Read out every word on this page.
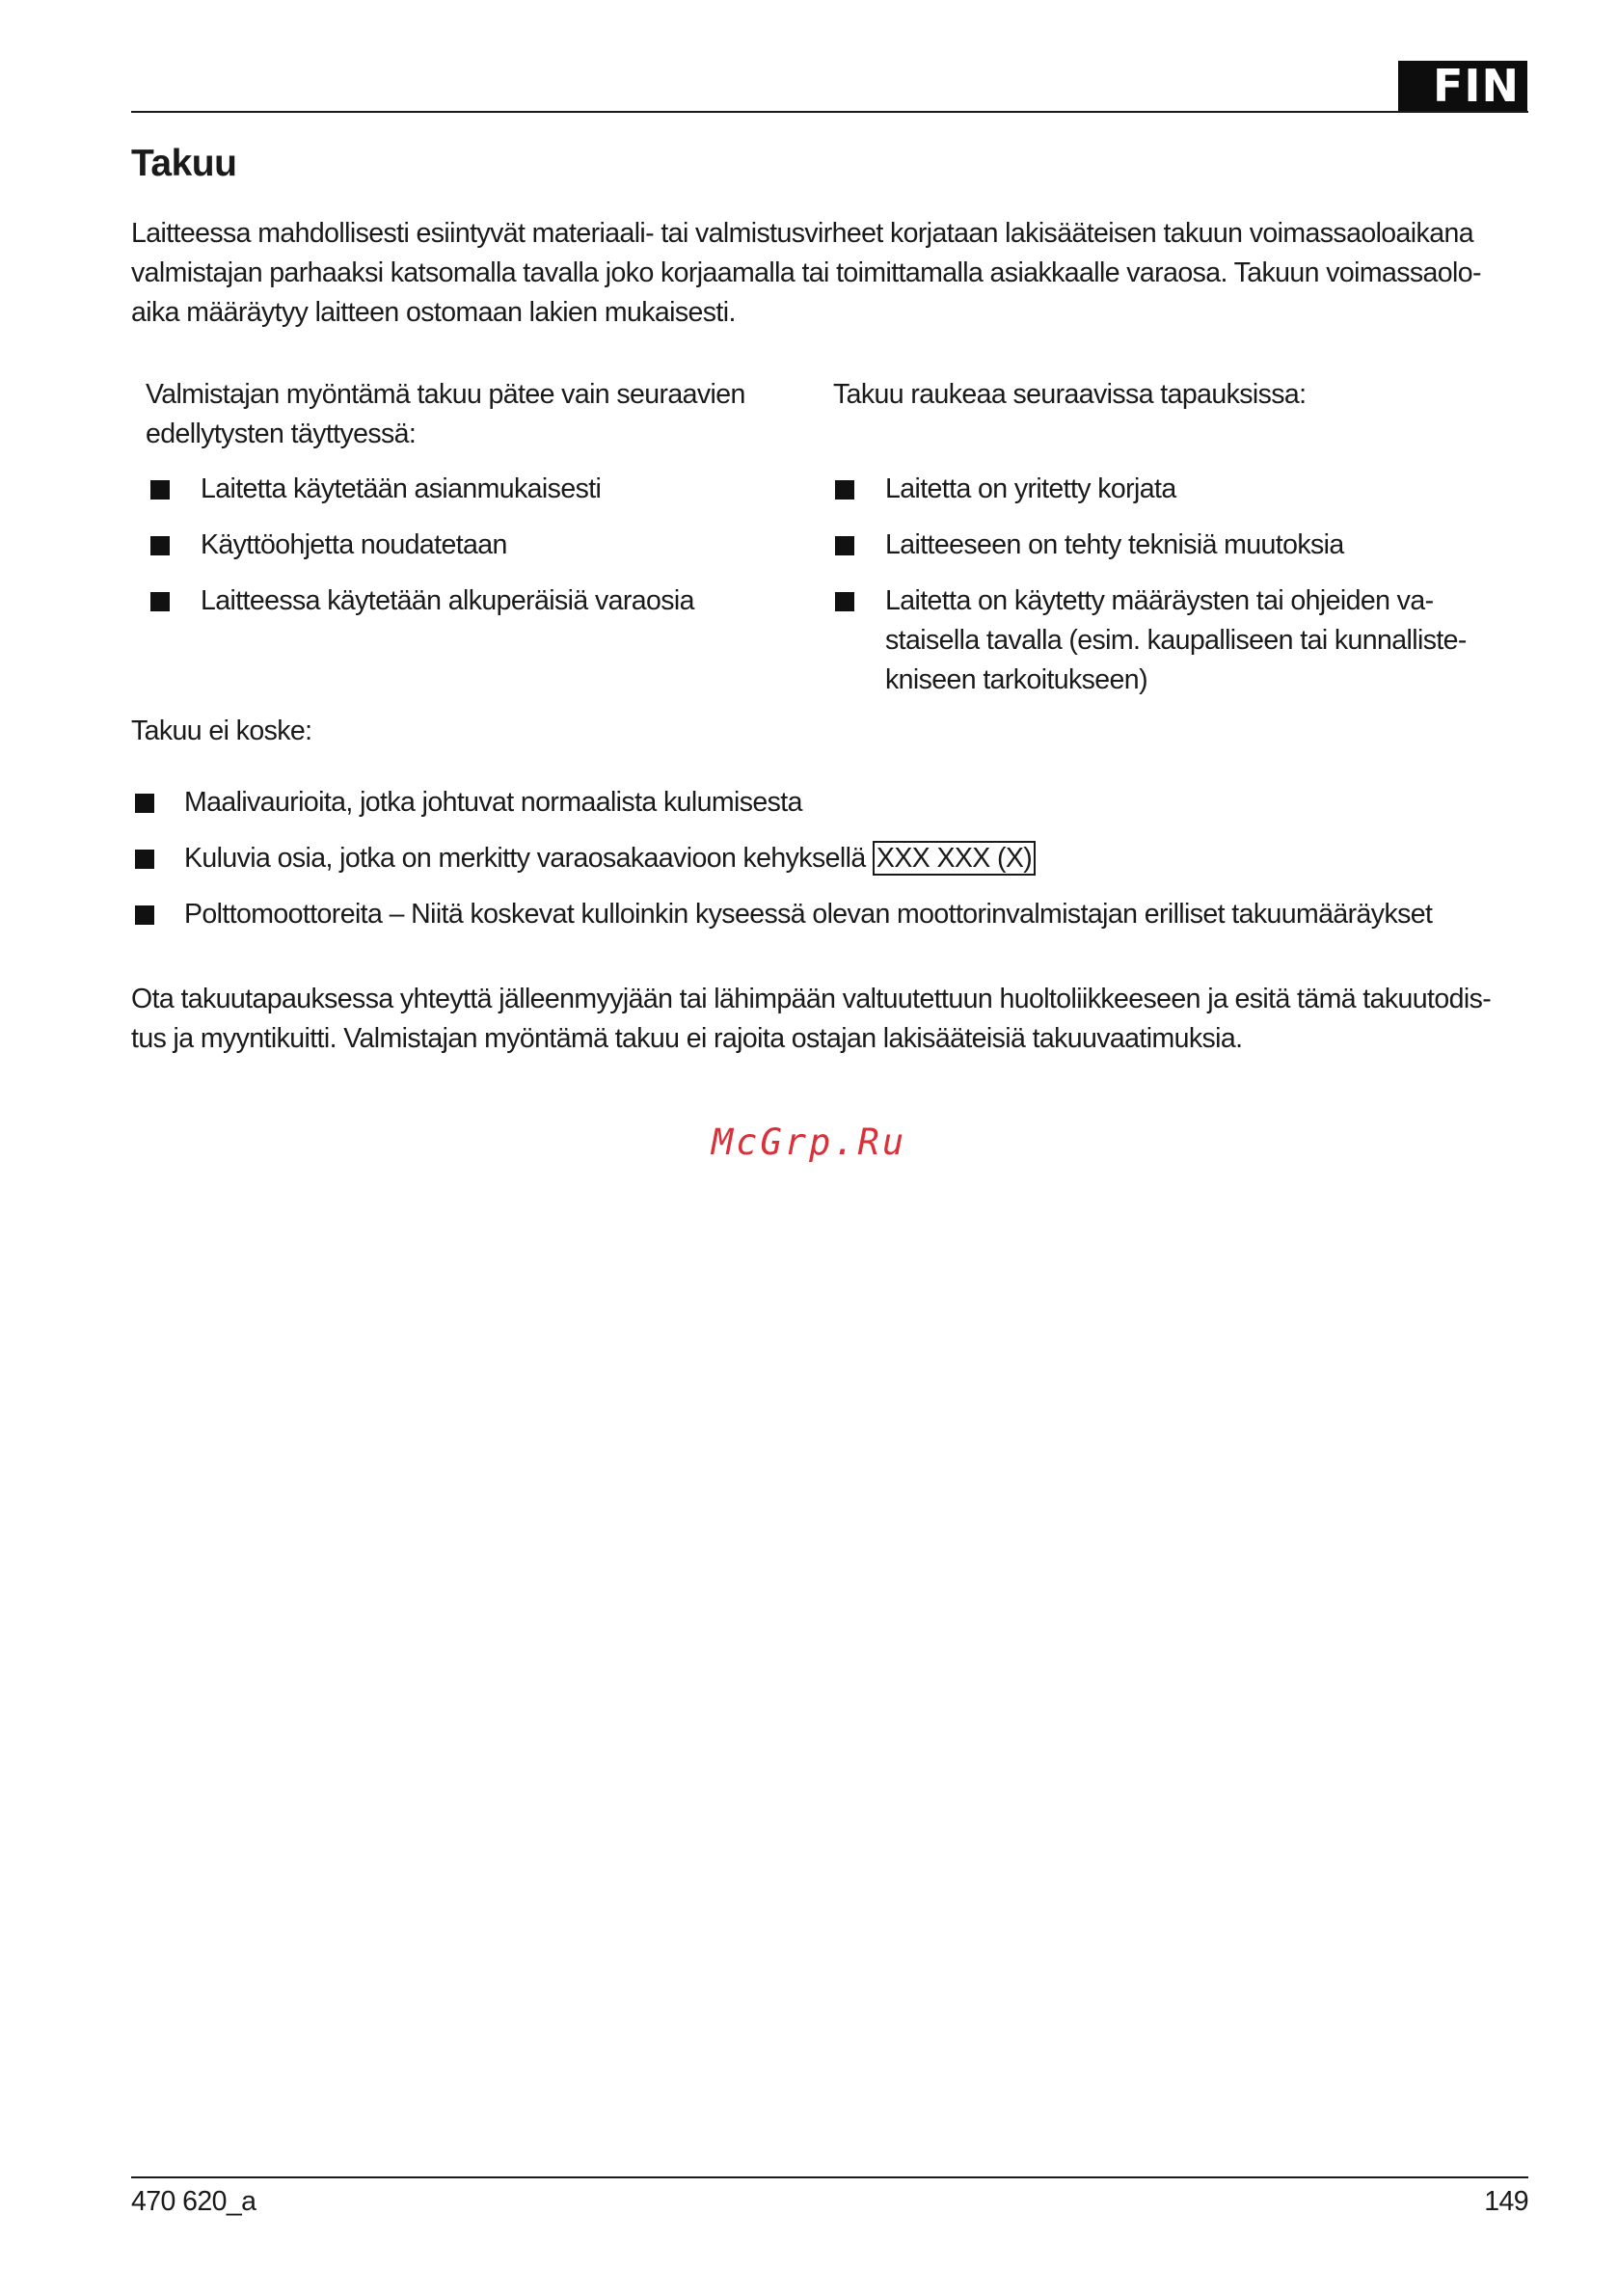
FIN
Takuu

Laitteessa mahdollisesti esiintyvät materiaali- tai valmistusvirheet korjataan lakisääteisen takuun voimassaoloaikana
valmistajan parhaaksi katsomalla tavalla joko korjaamalla tai toimittamalla asiakkaalle varaosa. Takuun voimassaolo-
aika määräytyy laitteen ostomaan lakien mukaisesti.

Valmistajan myöntämä takuu pätee vain seuraavien
edellytysten täyttyessä:
Laitetta käytetään asianmukaisesti
Käyttöohjetta noudatetaan
Laitteessa käytetään alkuperäisiä varaosia
Takuu raukeaa seuraavissa tapauksissa:
Laitetta on yritetty korjata
Laitteeseen on tehty teknisiä muutoksia
Laitetta on käytetty määräysten tai ohjeiden va-
staisella tavalla (esim. kaupalliseen tai kunnalliste-
kniseen tarkoitukseen)
Takuu ei koske:
Maalivaurioita, jotka johtuvat normaalista kulumisesta
Kuluvia osia, jotka on merkitty varaosakaavioon kehyksellä XXX XXX (X)
Polttomoottoreita – Niitä koskevat kulloinkin kyseessä olevan moottorinvalmistajan erilliset takuumääräykset

Ota takuutapauksessa yhteyttä jälleenmyyjään tai lähimpään valtuutettuun huoltoliikkeeseen ja esitä tämä takuutodis-
tus ja myyntikuitti. Valmistajan myöntämä takuu ei rajoita ostajan lakisääteisiä takuuvaatimuksia.

McGrp.Ru
470 620_a	149
